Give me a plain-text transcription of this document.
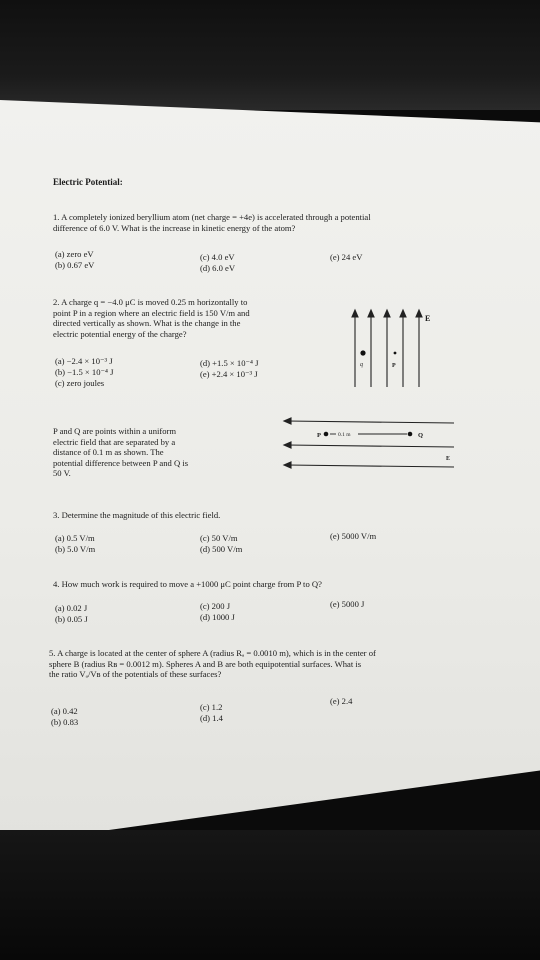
Electric Potential:
1. A completely ionized beryllium atom (net charge = +4e) is accelerated through a potential
difference of 6.0 V. What is the increase in kinetic energy of the atom?
(a) zero eV
(b) 0.67 eV
(c) 4.0 eV
(d) 6.0 eV
(e) 24 eV
2. A charge q = −4.0 μC is moved 0.25 m horizontally to
point P in a region where an electric field is 150 V/m and
directed vertically as shown. What is the change in the
electric potential energy of the charge?
(a) −2.4 × 10⁻³ J
(b) −1.5 × 10⁻⁴ J
(c) zero joules
(d) +1.5 × 10⁻⁴ J
(e) +2.4 × 10⁻³ J
E
q	P
P and Q are points within a uniform
electric field that are separated by a
distance of 0.1 m as shown. The
potential difference between P and Q is
50 V.
P	Q
0.1 m
E
3. Determine the magnitude of this electric field.
(a) 0.5 V/m
(b) 5.0 V/m
(c) 50 V/m
(d) 500 V/m
(e) 5000 V/m
4. How much work is required to move a +1000 μC point charge from P to Q?
(a) 0.02 J
(b) 0.05 J
(c) 200 J
(d) 1000 J
(e) 5000 J
5. A charge is located at the center of sphere A (radius Rₐ = 0.0010 m), which is in the center of
sphere B (radius Rʙ = 0.0012 m). Spheres A and B are both equipotential surfaces. What is
the ratio Vₐ/Vʙ of the potentials of these surfaces?
(a) 0.42
(b) 0.83
(c) 1.2
(d) 1.4
(e) 2.4
